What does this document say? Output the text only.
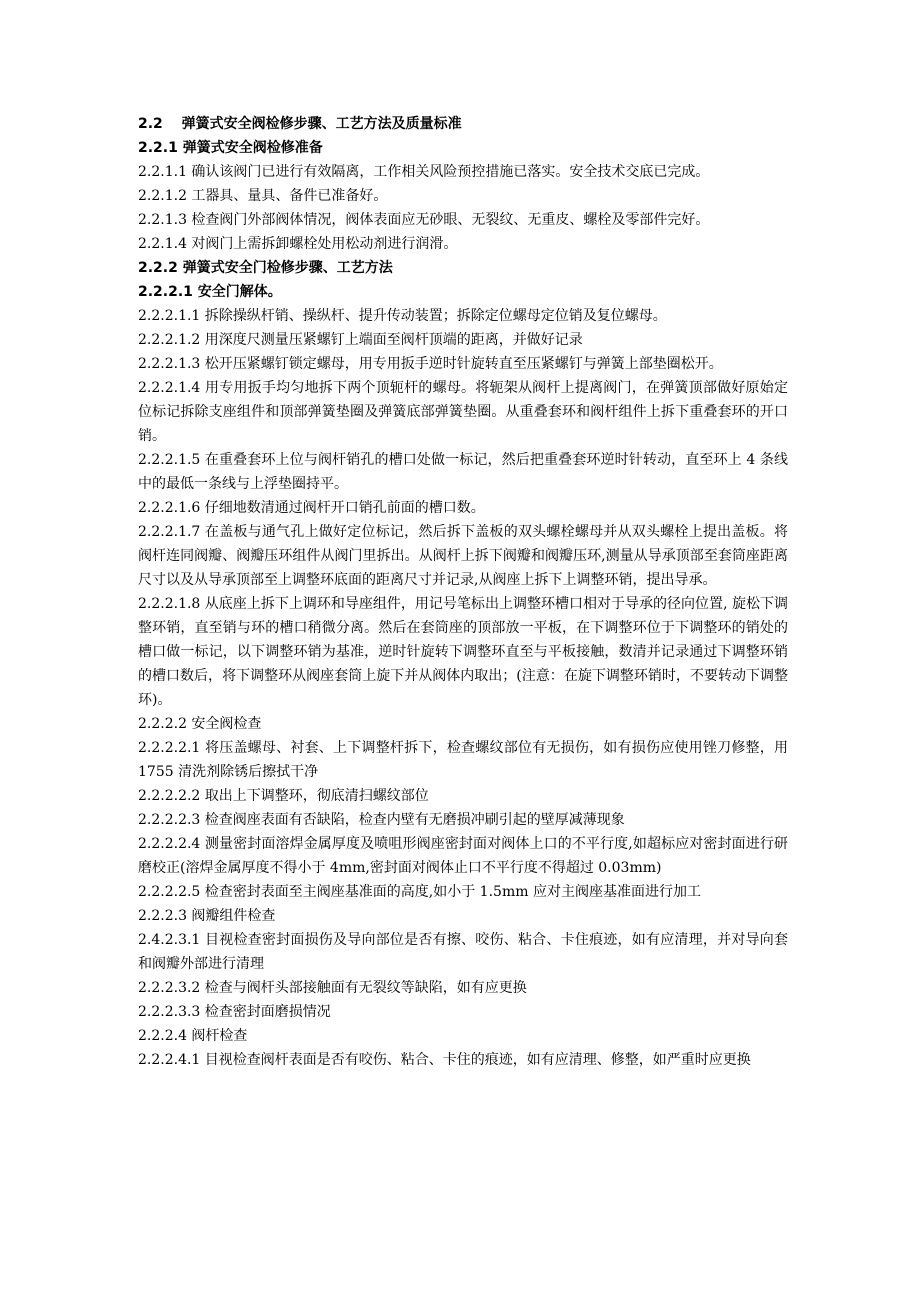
2.2　 弹簧式安全阀检修步骤、工艺方法及质量标准

2.2.1 弹簧式安全阀检修准备

2.2.1.1 确认该阀门已进行有效隔离，工作相关风险预控措施已落实。安全技术交底已完成。

2.2.1.2 工器具、量具、备件已准备好。

2.2.1.3 检查阀门外部阀体情况，阀体表面应无砂眼、无裂纹、无重皮、螺栓及零部件完好。

2.2.1.4 对阀门上需拆卸螺栓处用松动剂进行润滑。

2.2.2 弹簧式安全门检修步骤、工艺方法

2.2.2.1 安全门解体。

2.2.2.1.1 拆除操纵杆销、操纵杆、提升传动装置；拆除定位螺母定位销及复位螺母。

2.2.2.1.2 用深度尺测量压紧螺钉上端面至阀杆顶端的距离，并做好记录

2.2.2.1.3 松开压紧螺钉锁定螺母，用专用扳手逆时针旋转直至压紧螺钉与弹簧上部垫圈松开。

2.2.2.1.4 用专用扳手均匀地拆下两个顶轭杆的螺母。将轭架从阀杆上提离阀门，在弹簧顶部做好原始定位标记拆除支座组件和顶部弹簧垫圈及弹簧底部弹簧垫圈。从重叠套环和阀杆组件上拆下重叠套环的开口销。

2.2.2.1.5 在重叠套环上位与阀杆销孔的槽口处做一标记，然后把重叠套环逆时针转动，直至环上 4 条线中的最低一条线与上浮垫圈持平。

2.2.2.1.6 仔细地数清通过阀杆开口销孔前面的槽口数。

2.2.2.1.7 在盖板与通气孔上做好定位标记，然后拆下盖板的双头螺栓螺母并从双头螺栓上提出盖板。将阀杆连同阀瓣、阀瓣压环组件从阀门里拆出。从阀杆上拆下阀瓣和阀瓣压环,测量从导承顶部至套筒座距离尺寸以及从导承顶部至上调整环底面的距离尺寸并记录,从阀座上拆下上调整环销，提出导承。

2.2.2.1.8 从底座上拆下上调环和导座组件，用记号笔标出上调整环槽口相对于导承的径向位置, 旋松下调整环销，直至销与环的槽口稍微分离。然后在套筒座的顶部放一平板，在下调整环位于下调整环的销处的槽口做一标记，以下调整环销为基准，逆时针旋转下调整环直至与平板接触，数清并记录通过下调整环销的槽口数后，将下调整环从阀座套筒上旋下并从阀体内取出；(注意：在旋下调整环销时，不要转动下调整环)。

2.2.2.2 安全阀检查

2.2.2.2.1 将压盖螺母、衬套、上下调整杆拆下，检查螺纹部位有无损伤，如有损伤应使用锉刀修整，用 1755 清洗剂除锈后擦拭干净

2.2.2.2.2 取出上下调整环，彻底清扫螺纹部位

2.2.2.2.3 检查阀座表面有否缺陷，检查内壁有无磨损冲刷引起的壁厚减薄现象

2.2.2.2.4 测量密封面溶焊金属厚度及喷咀形阀座密封面对阀体上口的不平行度,如超标应对密封面进行研磨校正(溶焊金属厚度不得小于 4mm,密封面对阀体止口不平行度不得超过 0.03mm)

2.2.2.2.5 检查密封表面至主阀座基准面的高度,如小于 1.5mm 应对主阀座基准面进行加工

2.2.2.3 阀瓣组件检查

2.4.2.3.1 目视检查密封面损伤及导向部位是否有擦、咬伤、粘合、卡住痕迹，如有应清理，并对导向套和阀瓣外部进行清理

2.2.2.3.2 检查与阀杆头部接触面有无裂纹等缺陷，如有应更换

2.2.2.3.3 检查密封面磨损情况

2.2.2.4 阀杆检查

2.2.2.4.1 目视检查阀杆表面是否有咬伤、粘合、卡住的痕迹，如有应清理、修整，如严重时应更换
